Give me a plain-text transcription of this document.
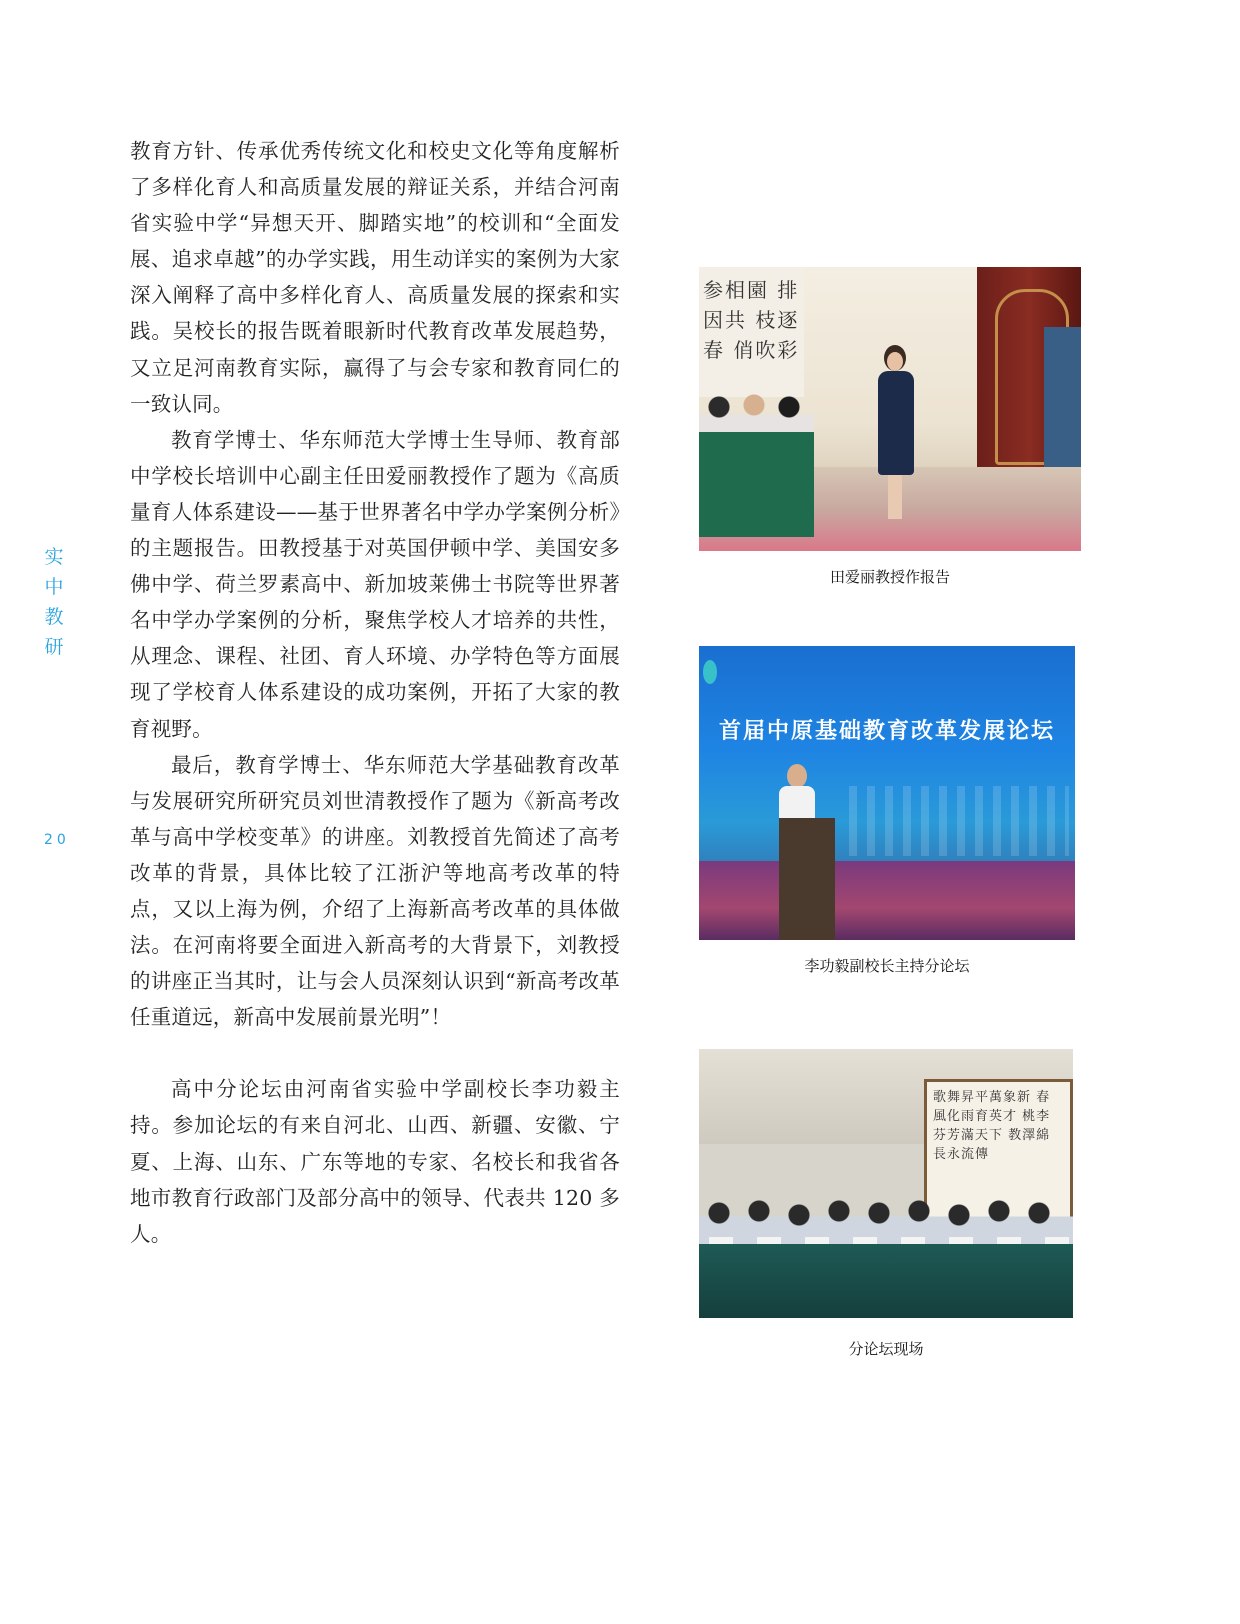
实
中
教
研
20

教育方针、传承优秀传统文化和校史文化等角度解析了多样化育人和高质量发展的辩证关系，并结合河南省实验中学“异想天开、脚踏实地”的校训和“全面发展、追求卓越”的办学实践，用生动详实的案例为大家深入阐释了高中多样化育人、高质量发展的探索和实践。吴校长的报告既着眼新时代教育改革发展趋势，又立足河南教育实际，赢得了与会专家和教育同仁的一致认同。

教育学博士、华东师范大学博士生导师、教育部中学校长培训中心副主任田爱丽教授作了题为《高质量育人体系建设——基于世界著名中学办学案例分析》的主题报告。田教授基于对英国伊顿中学、美国安多佛中学、荷兰罗素高中、新加坡莱佛士书院等世界著名中学办学案例的分析，聚焦学校人才培养的共性，从理念、课程、社团、育人环境、办学特色等方面展现了学校育人体系建设的成功案例，开拓了大家的教育视野。

最后，教育学博士、华东师范大学基础教育改革与发展研究所研究员刘世清教授作了题为《新高考改革与高中学校变革》的讲座。刘教授首先简述了高考改革的背景，具体比较了江浙沪等地高考改革的特点，又以上海为例，介绍了上海新高考改革的具体做法。在河南将要全面进入新高考的大背景下，刘教授的讲座正当其时，让与会人员深刻认识到“新高考改革任重道远，新高中发展前景光明”！

高中分论坛由河南省实验中学副校长李功毅主持。参加论坛的有来自河北、山西、新疆、安徽、宁夏、上海、山东、广东等地的专家、名校长和我省各地市教育行政部门及部分高中的领导、代表共 120 多人。

参相園 排因共 枝逐春 俏吹彩
田爱丽教授作报告
首届中原基础教育改革发展论坛
李功毅副校长主持分论坛
歌舞昇平萬象新 春風化雨育英才 桃李芬芳滿天下 教澤綿長永流傳
分论坛现场
